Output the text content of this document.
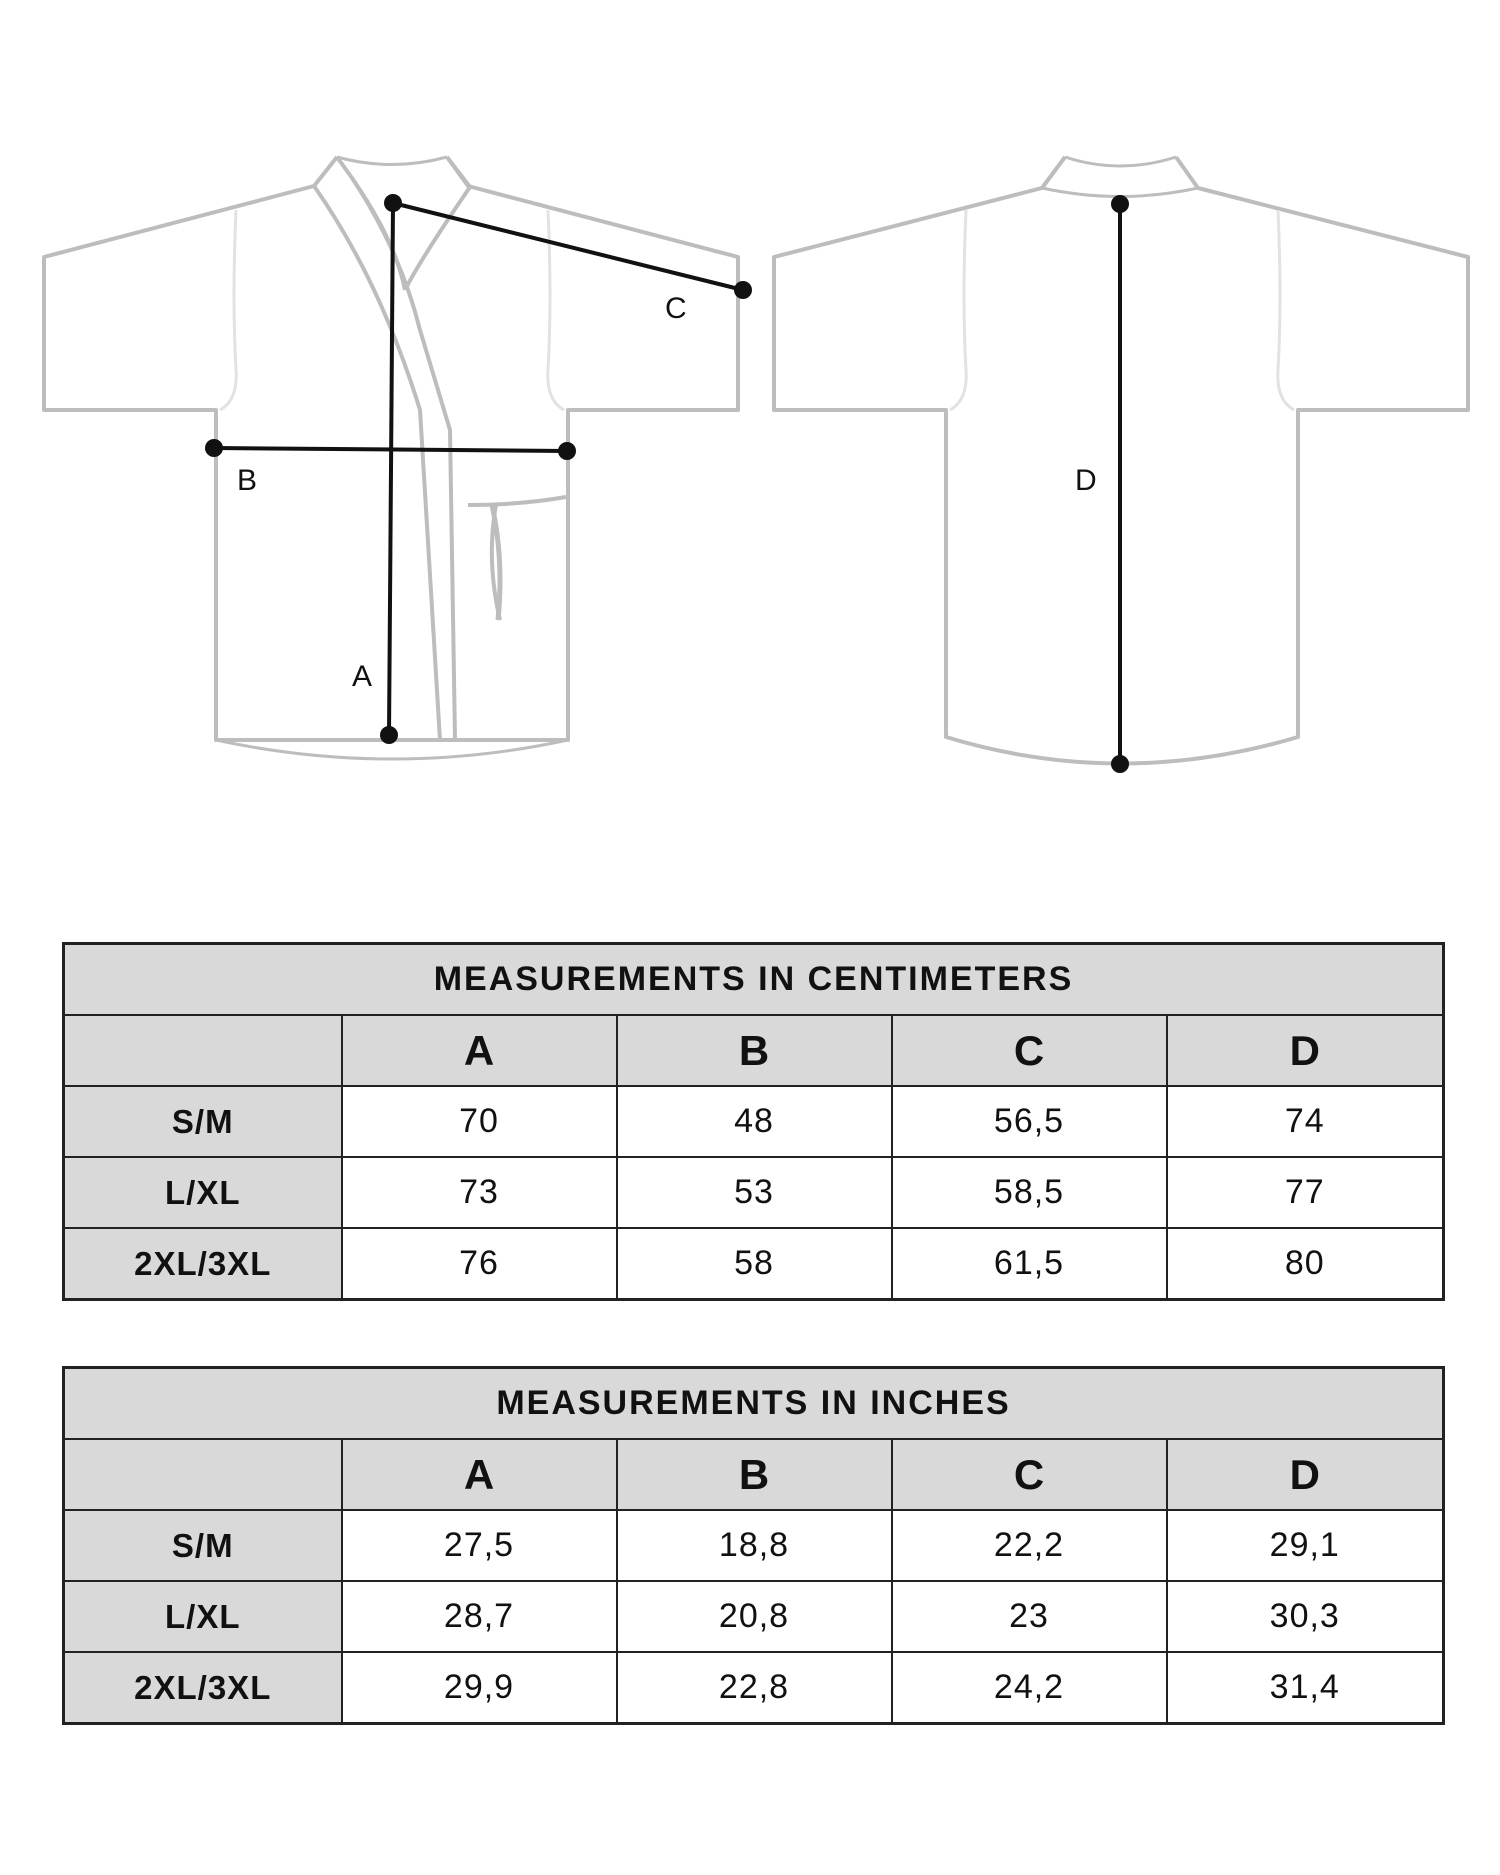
A
B
C
D
MEASUREMENTS IN CENTIMETERS				
	A	B	C	D
S/M	70	48	56,5	74
L/XL	73	53	58,5	77
2XL/3XL	76	58	61,5	80
MEASUREMENTS IN INCHES				
	A	B	C	D
S/M	27,5	18,8	22,2	29,1
L/XL	28,7	20,8	23	30,3
2XL/3XL	29,9	22,8	24,2	31,4
